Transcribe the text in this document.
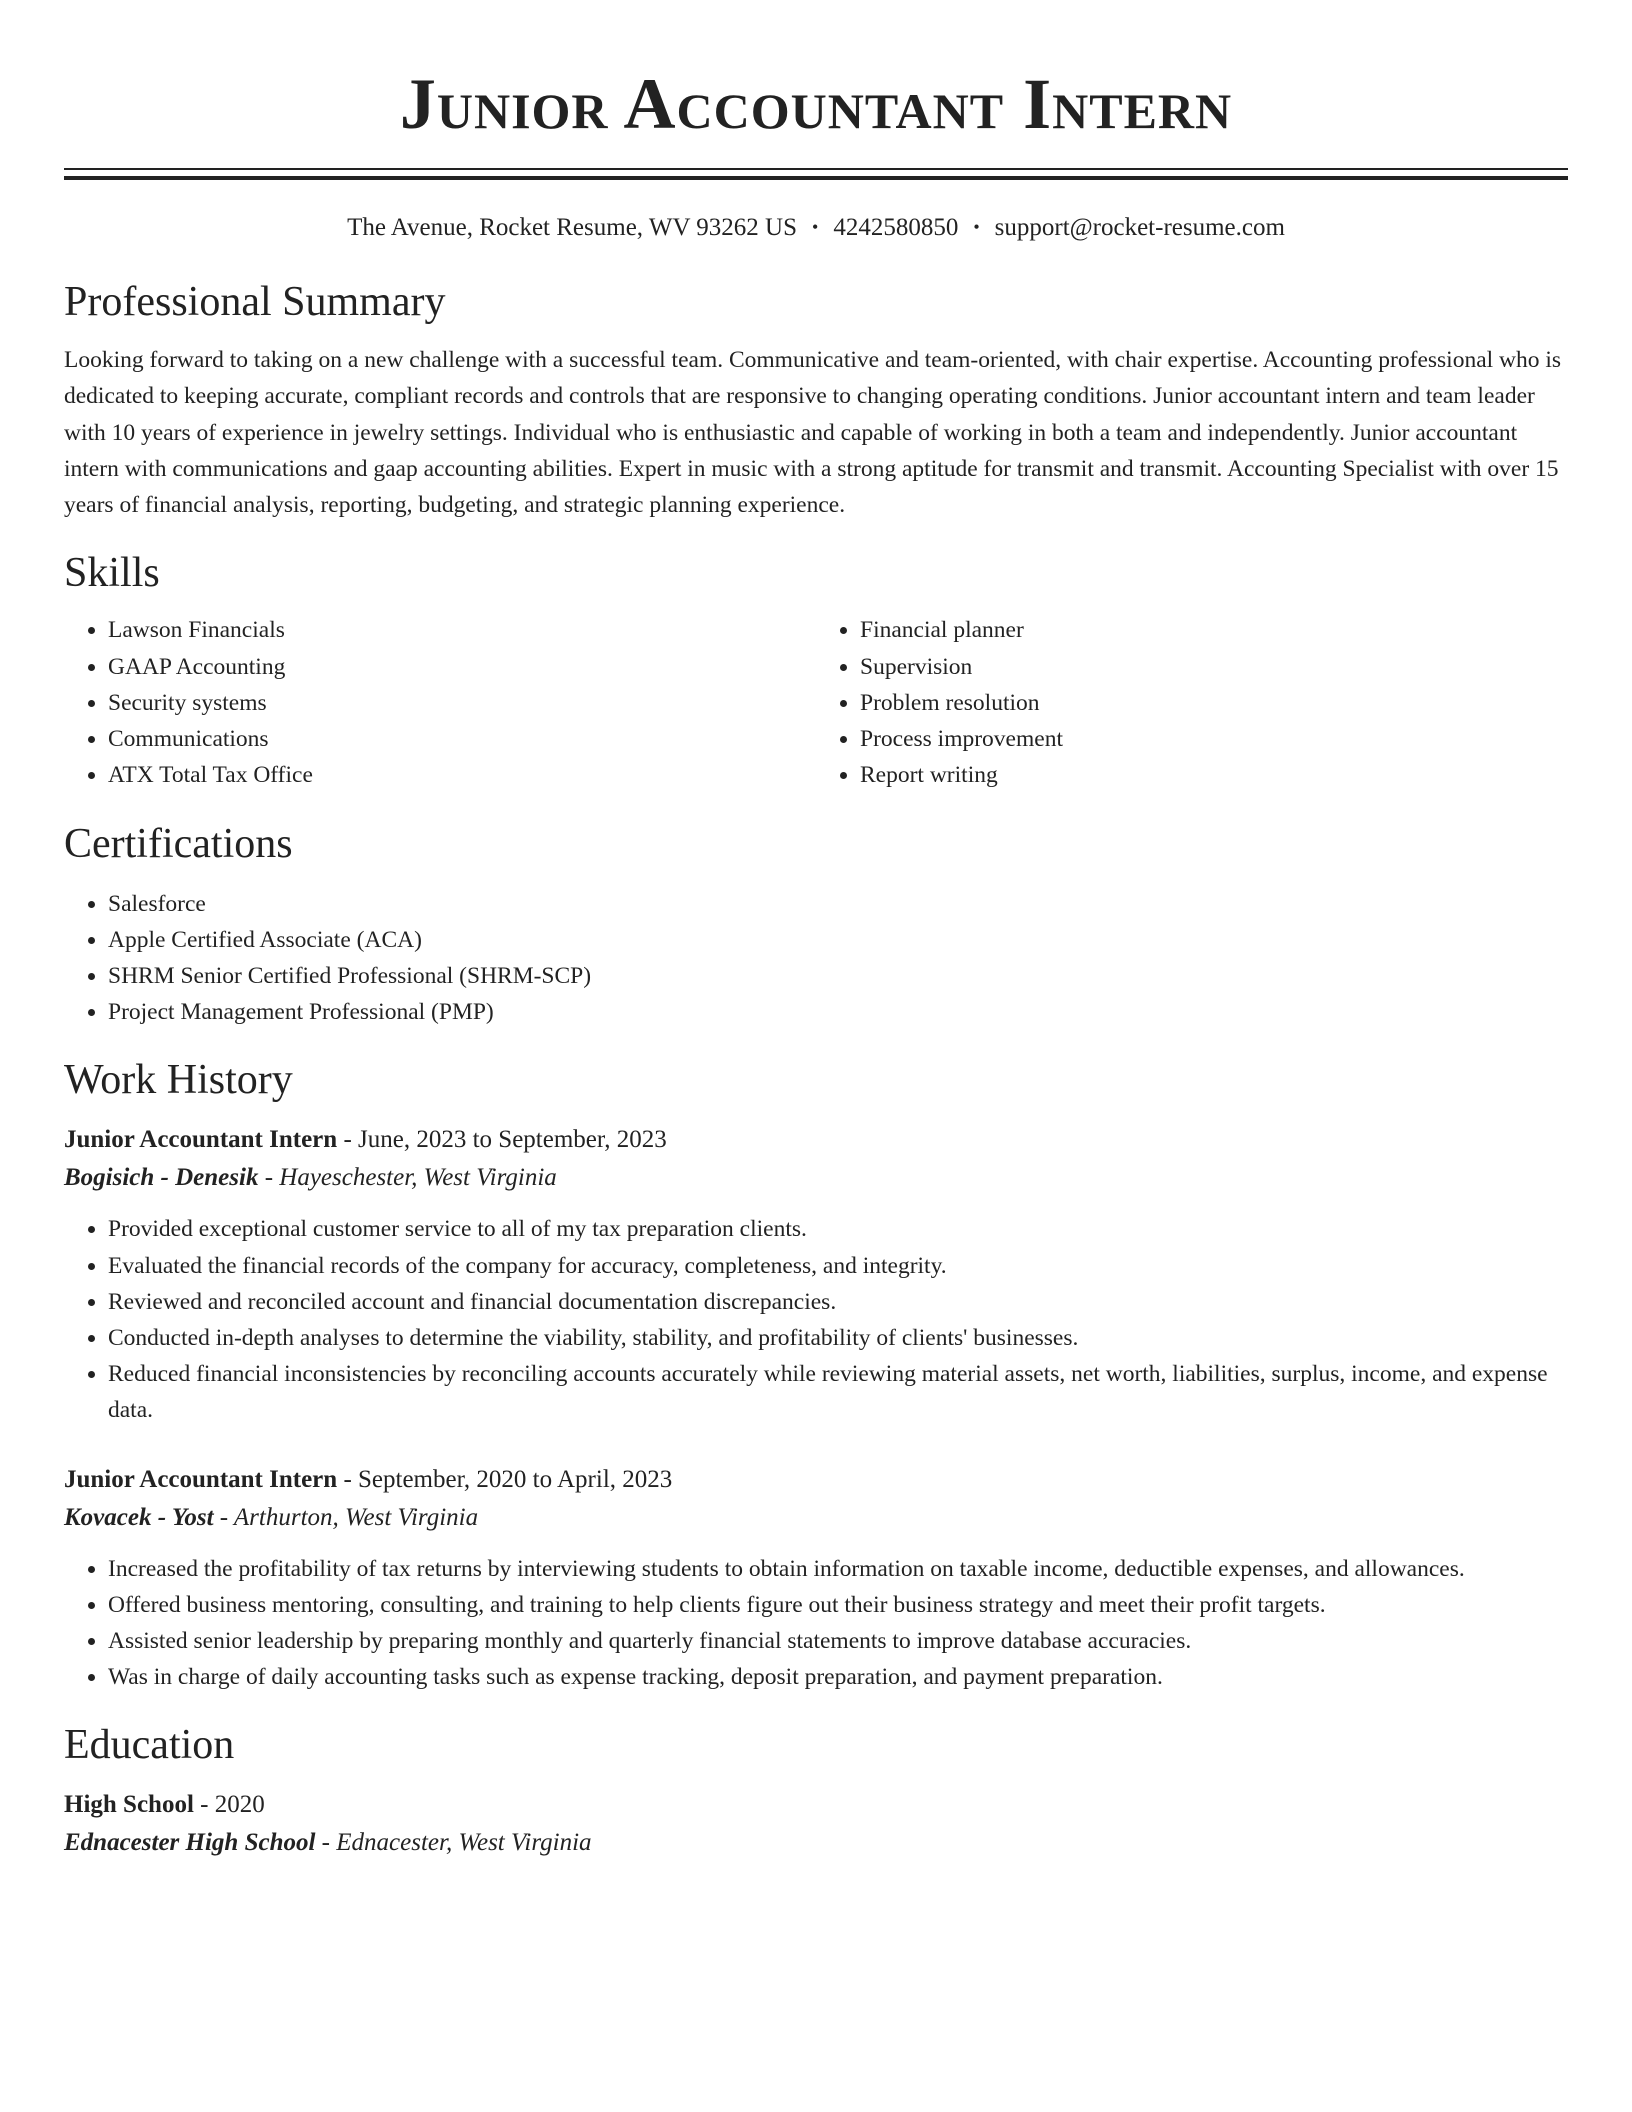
Junior Accountant Intern
The Avenue, Rocket Resume, WV 93262 US • 4242580850 • support@rocket-resume.com
Professional Summary

Looking forward to taking on a new challenge with a successful team. Communicative and team-oriented, with chair expertise. Accounting professional who is dedicated to keeping accurate, compliant records and controls that are responsive to changing operating conditions. Junior accountant intern and team leader with 10 years of experience in jewelry settings. Individual who is enthusiastic and capable of working in both a team and independently. Junior accountant intern with communications and gaap accounting abilities. Expert in music with a strong aptitude for transmit and transmit. Accounting Specialist with over 15 years of financial analysis, reporting, budgeting, and strategic planning experience.

Skills
• Lawson Financials
• GAAP Accounting
• Security systems
• Communications
• ATX Total Tax Office
• Financial planner
• Supervision
• Problem resolution
• Process improvement
• Report writing
Certifications
• Salesforce
• Apple Certified Associate (ACA)
• SHRM Senior Certified Professional (SHRM-SCP)
• Project Management Professional (PMP)
Work History
Junior Accountant Intern - June, 2023 to September, 2023
Bogisich - Denesik - Hayeschester, West Virginia
• Provided exceptional customer service to all of my tax preparation clients.
• Evaluated the financial records of the company for accuracy, completeness, and integrity.
• Reviewed and reconciled account and financial documentation discrepancies.
• Conducted in-depth analyses to determine the viability, stability, and profitability of clients' businesses.
• Reduced financial inconsistencies by reconciling accounts accurately while reviewing material assets, net worth, liabilities, surplus, income, and expense data.
Junior Accountant Intern - September, 2020 to April, 2023
Kovacek - Yost - Arthurton, West Virginia
• Increased the profitability of tax returns by interviewing students to obtain information on taxable income, deductible expenses, and allowances.
• Offered business mentoring, consulting, and training to help clients figure out their business strategy and meet their profit targets.
• Assisted senior leadership by preparing monthly and quarterly financial statements to improve database accuracies.
• Was in charge of daily accounting tasks such as expense tracking, deposit preparation, and payment preparation.
Education
High School - 2020
Ednacester High School - Ednacester, West Virginia
